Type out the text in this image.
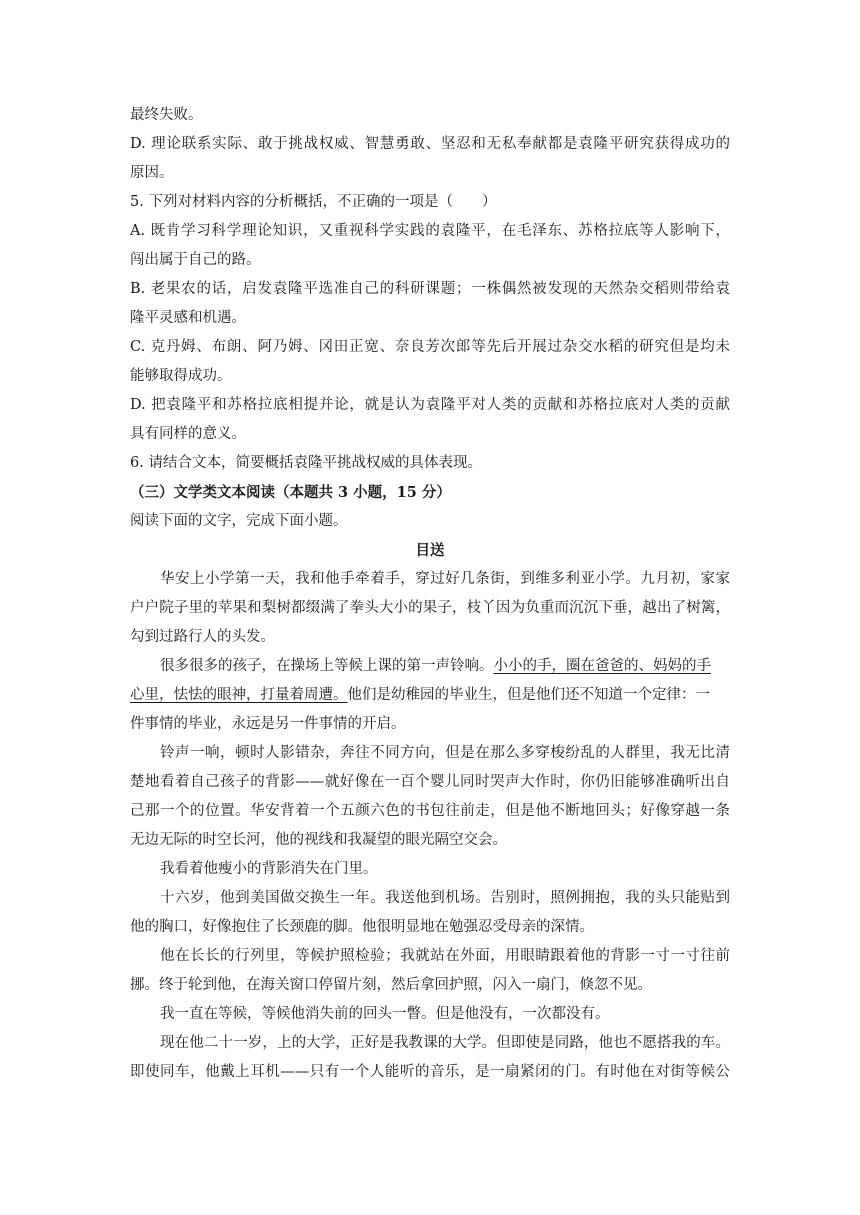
最终失败。
D. 理论联系实际、敢于挑战权威、智慧勇敢、坚忍和无私奉献都是袁隆平研究获得成功的
原因。
5. 下列对材料内容的分析概括，不正确的一项是（　　）
A. 既肯学习科学理论知识，又重视科学实践的袁隆平，在毛泽东、苏格拉底等人影响下，
闯出属于自己的路。
B. 老果农的话，启发袁隆平选准自己的科研课题；一株偶然被发现的天然杂交稻则带给袁
隆平灵感和机遇。
C. 克丹姆、布朗、阿乃姆、冈田正宽、奈良芳次郎等先后开展过杂交水稻的研究但是均未
能够取得成功。
D. 把袁隆平和苏格拉底相提并论，就是认为袁隆平对人类的贡献和苏格拉底对人类的贡献
具有同样的意义。
6. 请结合文本，简要概括袁隆平挑战权威的具体表现。
（三）文学类文本阅读（本题共 3 小题，15 分）
阅读下面的文字，完成下面小题。
目送
华安上小学第一天，我和他手牵着手，穿过好几条街，到维多利亚小学。九月初，家家
户户院子里的苹果和梨树都缀满了拳头大小的果子，枝丫因为负重而沉沉下垂，越出了树篱，
勾到过路行人的头发。
很多很多的孩子，在操场上等候上课的第一声铃响。小小的手，圈在爸爸的、妈妈的手
心里，怯怯的眼神，打量着周遭。他们是幼稚园的毕业生，但是他们还不知道一个定律：一
件事情的毕业，永远是另一件事情的开启。
铃声一响，顿时人影错杂，奔往不同方向，但是在那么多穿梭纷乱的人群里，我无比清
楚地看着自己孩子的背影——就好像在一百个婴儿同时哭声大作时，你仍旧能够准确听出自
己那一个的位置。华安背着一个五颜六色的书包往前走，但是他不断地回头；好像穿越一条
无边无际的时空长河，他的视线和我凝望的眼光隔空交会。
我看着他瘦小的背影消失在门里。
十六岁，他到美国做交换生一年。我送他到机场。告别时，照例拥抱，我的头只能贴到
他的胸口，好像抱住了长颈鹿的脚。他很明显地在勉强忍受母亲的深情。
他在长长的行列里，等候护照检验；我就站在外面，用眼睛跟着他的背影一寸一寸往前
挪。终于轮到他，在海关窗口停留片刻，然后拿回护照，闪入一扇门，倏忽不见。
我一直在等候，等候他消失前的回头一瞥。但是他没有，一次都没有。
现在他二十一岁，上的大学，正好是我教课的大学。但即使是同路，他也不愿搭我的车。
即使同车，他戴上耳机——只有一个人能听的音乐，是一扇紧闭的门。有时他在对街等候公
